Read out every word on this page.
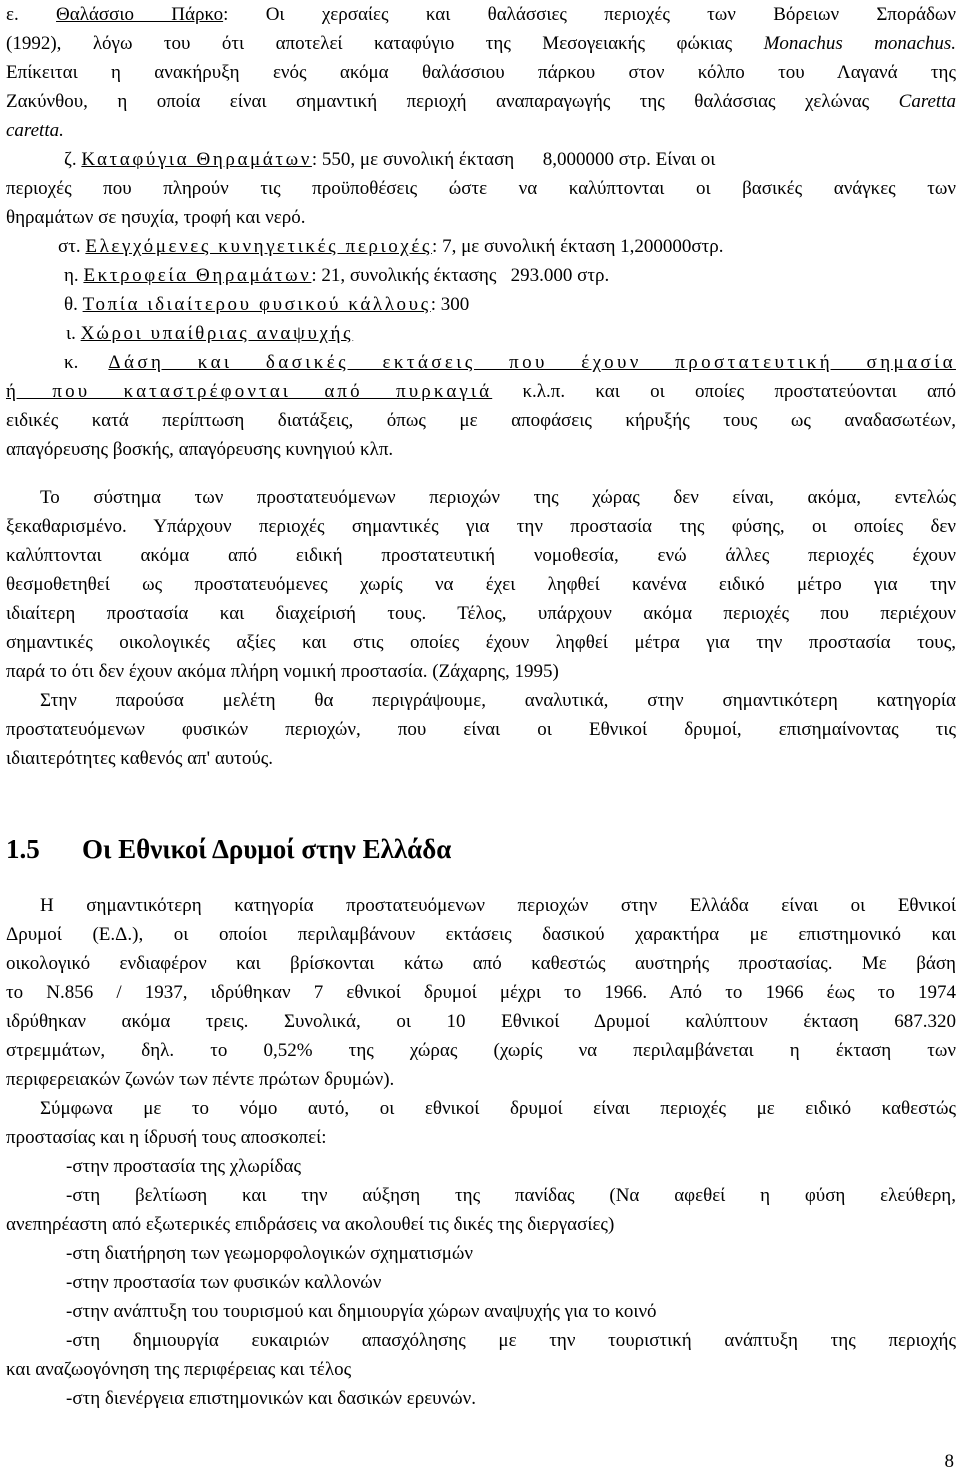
ε. Θαλάσσιο Πάρκο: Οι χερσαίες και θαλάσσιες περιοχές των Βόρειων Σποράδων

(1992), λόγω του ότι αποτελεί καταφύγιο της Μεσογειακής φώκιας Monachus monachus.

Επίκειται η ανακήρυξη ενός ακόμα θαλάσσιου πάρκου στον κόλπο του Λαγανά της

Ζακύνθου, η οποία είναι σημαντική περιοχή αναπαραγωγής της θαλάσσιας χελώνας Caretta

caretta.

ζ. Καταφύγια Θηραμάτων: 550, με συνολική έκταση      8,000000 στρ. Είναι οι

περιοχές που πληρούν τις προϋποθέσεις ώστε να καλύπτονται οι βασικές ανάγκες των

θηραμάτων σε ησυχία, τροφή και νερό.

στ. Ελεγχόμενες κυνηγετικές περιοχές: 7, με συνολική έκταση 1,200000στρ.

η. Εκτροφεία Θηραμάτων: 21, συνολικής έκτασης   293.000 στρ.

θ. Τοπία ιδιαίτερου φυσικού κάλλους: 300

ι. Χώροι υπαίθριας αναψυχής

κ. Δάση και δασικές εκτάσεις που έχουν προστατευτική σημασία

ή που καταστρέφονται από πυρκαγιά κ.λ.π. και οι οποίες προστατεύονται από

ειδικές κατά περίπτωση διατάξεις, όπως με αποφάσεις κήρυξής τους ως αναδασωτέων,

απαγόρευσης βοσκής, απαγόρευσης κυνηγιού κλπ.

Το σύστημα των προστατευόμενων περιοχών της χώρας δεν είναι, ακόμα, εντελώς

ξεκαθαρισμένο. Υπάρχουν περιοχές σημαντικές για την προστασία της φύσης, οι οποίες δεν

καλύπτονται ακόμα από ειδική προστατευτική νομοθεσία, ενώ άλλες περιοχές έχουν

θεσμοθετηθεί ως προστατευόμενες χωρίς να έχει ληφθεί κανένα ειδικό μέτρο για την

ιδιαίτερη προστασία και διαχείρισή τους. Τέλος, υπάρχουν ακόμα περιοχές που περιέχουν

σημαντικές οικολογικές αξίες και στις οποίες έχουν ληφθεί μέτρα για την προστασία τους,

παρά το ότι δεν έχουν ακόμα πλήρη νομική προστασία. (Ζάχαρης, 1995)

Στην παρούσα μελέτη θα περιγράψουμε, αναλυτικά, στην σημαντικότερη κατηγορία

προστατευόμενων φυσικών περιοχών, που είναι οι Εθνικοί δρυμοί, επισημαίνοντας τις

ιδιαιτερότητες καθενός απ' αυτούς.

1.5 Οι Εθνικοί Δρυμοί στην Ελλάδα

Η σημαντικότερη κατηγορία προστατευόμενων περιοχών στην Ελλάδα είναι οι Εθνικοί

Δρυμοί (Ε.Δ.), οι οποίοι περιλαμβάνουν εκτάσεις δασικού χαρακτήρα με επιστημονικό και

οικολογικό ενδιαφέρον και βρίσκονται κάτω από καθεστώς αυστηρής προστασίας. Με βάση

το Ν.856 / 1937, ιδρύθηκαν 7 εθνικοί δρυμοί μέχρι το 1966. Από το 1966 έως το 1974

ιδρύθηκαν ακόμα τρεις. Συνολικά, οι 10 Εθνικοί Δρυμοί καλύπτουν έκταση 687.320

στρεμμάτων, δηλ. το 0,52% της χώρας (χωρίς να περιλαμβάνεται η έκταση των

περιφερειακών ζωνών των πέντε πρώτων δρυμών).

Σύμφωνα με το νόμο αυτό, οι εθνικοί δρυμοί είναι περιοχές με ειδικό καθεστώς

προστασίας και η ίδρυσή τους αποσκοπεί:

-στην προστασία της χλωρίδας

-στη βελτίωση και την αύξηση της πανίδας (Να αφεθεί η φύση ελεύθερη,

ανεπηρέαστη από εξωτερικές επιδράσεις να ακολουθεί τις δικές της διεργασίες)

-στη διατήρηση των γεωμορφολογικών σχηματισμών

-στην προστασία των φυσικών καλλονών

-στην ανάπτυξη του τουρισμού και δημιουργία χώρων αναψυχής για το κοινό

-στη δημιουργία ευκαιριών απασχόλησης με την τουριστική ανάπτυξη της περιοχής

και αναζωογόνηση της περιφέρειας και τέλος

-στη διενέργεια επιστημονικών και δασικών ερευνών.

8
